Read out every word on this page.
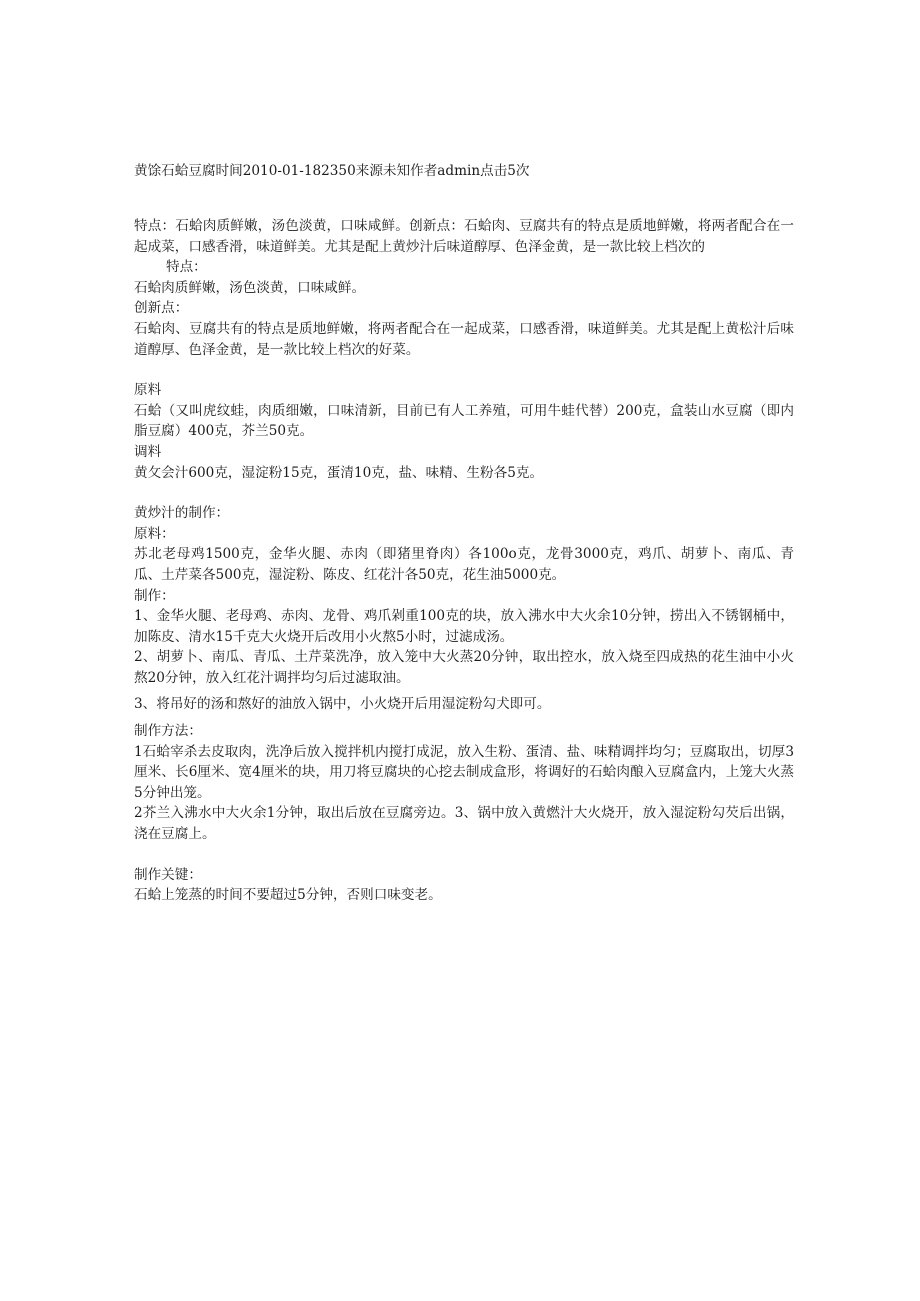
黄馀石蛤豆腐时间2010-01-182350来源未知作者admin点击5次

特点：石蛤肉质鲜嫩，汤色淡黄，口味咸鲜。创新点：石蛤肉、豆腐共有的特点是质地鲜嫩，将两者配合在一起成菜，口感香滑，味道鲜美。尤其是配上黄炒汁后味道醇厚、色泽金黄，是一款比较上档次的

特点：

石蛤肉质鲜嫩，汤色淡黄，口味咸鲜。

创新点：

石蛤肉、豆腐共有的特点是质地鲜嫩，将两者配合在一起成菜，口感香滑，味道鲜美。尤其是配上黄松汁后味道醇厚、色泽金黄，是一款比较上档次的好菜。

原料

石蛤（又叫虎纹蛙，肉质细嫩，口味清新，目前已有人工养殖，可用牛蛙代替）200克，盒装山水豆腐（即内脂豆腐）400克，芥兰50克。

调料

黄攵会汁600克，湿淀粉15克，蛋清10克，盐、味精、生粉各5克。

黄炒汁的制作：

原料：

苏北老母鸡1500克，金华火腿、赤肉（即猪里脊肉）各100o克，龙骨3000克，鸡爪、胡萝卜、南瓜、青瓜、土芹菜各500克，湿淀粉、陈皮、红花汁各50克，花生油5000克。

制作：

1、金华火腿、老母鸡、赤肉、龙骨、鸡爪剁重100克的块，放入沸水中大火余10分钟，捞出入不锈钢桶中，加陈皮、清水15千克大火烧开后改用小火熬5小时，过滤成汤。

2、胡萝卜、南瓜、青瓜、土芹菜洗净，放入笼中大火蒸20分钟，取出控水，放入烧至四成热的花生油中小火熬20分钟，放入红花汁调拌均匀后过滤取油。

3、将吊好的汤和熬好的油放入锅中，小火烧开后用湿淀粉勾犬即可。

制作方法：

1石蛤宰杀去皮取肉，洗净后放入搅拌机内搅打成泥，放入生粉、蛋清、盐、味精调拌均匀；豆腐取出，切厚3厘米、长6厘米、宽4厘米的块，用刀将豆腐块的心挖去制成盒形，将调好的石蛤肉酿入豆腐盒内，上笼大火蒸5分钟出笼。

2芥兰入沸水中大火余1分钟，取出后放在豆腐旁边。3、锅中放入黄燃汁大火烧开，放入湿淀粉勾芡后出锅，浇在豆腐上。

制作关键：

石蛤上笼蒸的时间不要超过5分钟，否则口味变老。
